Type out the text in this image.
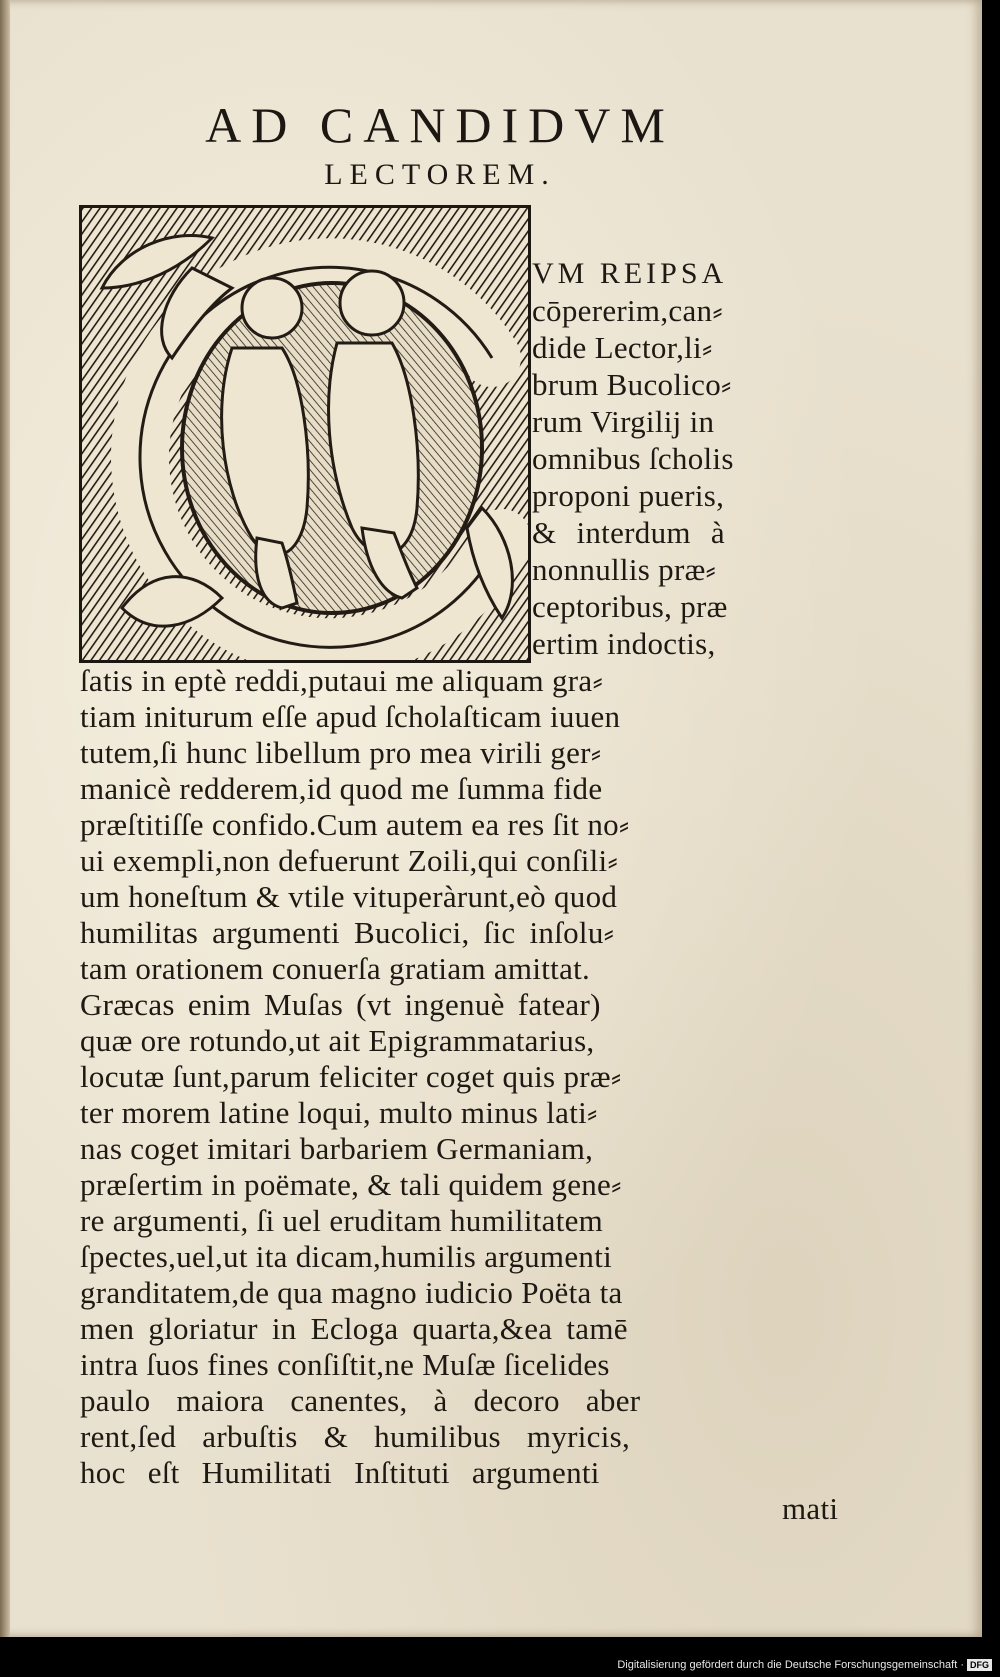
AD CANDIDVM
LECTOREM.

VM REIPSA

cōpererim,can⸗

dide Lector,li⸗

brum Bucolico⸗

rum Virgilij in

omnibus ſcholis

proponi pueris,

& interdum à

nonnullis præ⸗

ceptoribus, præ

ertim indoctis,

ſatis in eptè reddi,putaui me aliquam gra⸗

tiam initurum eſſe apud ſcholaſticam iuuen

tutem,ſi hunc libellum pro mea virili ger⸗

manicè redderem,id quod me ſumma fide

præſtitiſſe confido.Cum autem ea res ſit no⸗

ui exempli,non defuerunt Zoili,qui conſili⸗

um honeſtum & vtile vituperàrunt,eò quod

humilitas argumenti Bucolici, ſic inſolu⸗

tam orationem conuerſa gratiam amittat.

Græcas enim Muſas (vt ingenuè fatear)

quæ ore rotundo,ut ait Epigrammatarius,

locutæ ſunt,parum feliciter coget quis præ⸗

ter morem latine loqui, multo minus lati⸗

nas coget imitari barbariem Germaniam,

præſertim in poëmate, & tali quidem gene⸗

re argumenti, ſi uel eruditam humilitatem

ſpectes,uel,ut ita dicam,humilis argumenti

granditatem,de qua magno iudicio Poëta ta

men gloriatur in Ecloga quarta,&ea tamē

intra ſuos fines conſiſtit,ne Muſæ ſicelides

paulo maiora canentes, à decoro aber

rent,ſed arbuſtis & humilibus myricis,

hoc eſt Humilitati Inſtituti argumenti

mati

Digitalisierung gefördert durch die Deutsche Forschungsgemeinschaft · DFG
